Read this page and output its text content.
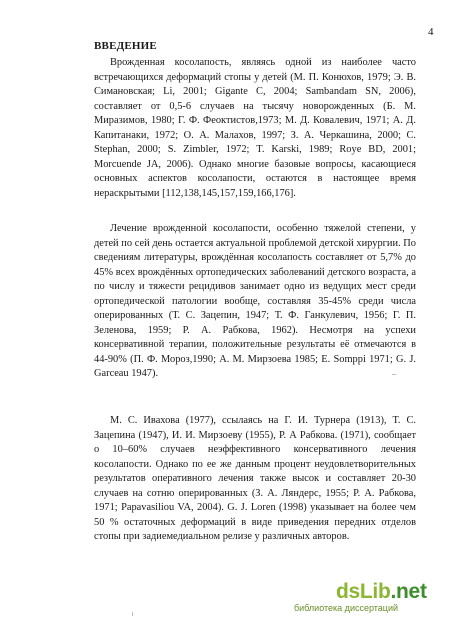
4
ВВЕДЕНИЕ

Врожденная косолапость, являясь одной из наиболее часто встречающихся деформаций стопы у детей (М. П. Конюхов, 1979; Э. В. Симановская; Li, 2001; Gigante C, 2004; Sambandam SN, 2006), составляет от 0,5-6 случаев на тысячу новорожденных (Б. М. Миразимов, 1980; Г. Ф. Феоктистов,1973; М. Д. Ковалевич, 1971; А. Д. Капитанаки, 1972; О. А. Малахов, 1997; З. А. Черкашина, 2000; C. Stephan, 2000; S. Zimbler, 1972; T. Karski, 1989; Roye BD, 2001; Morcuende JA, 2006). Однако многие базовые вопросы, касающиеся основных аспектов косолапости, остаются в настоящее время нераскрытыми [112,138,145,157,159,166,176].

Лечение врожденной косолапости, особенно тяжелой степени, у детей по сей день остается актуальной проблемой детской хирургии. По сведениям литературы, врождённая косолапость составляет от 5,7% до 45% всех врождённых ортопедических заболеваний детского возраста, а по числу и тяжести рецидивов занимает одно из ведущих мест среди ортопедической патологии вообще, составляя 35-45% среди числа оперированных (Т. С. Зацепин, 1947; Т. Ф. Ганкулевич, 1956; Г. П. Зеленова, 1959; Р. А. Рабкова, 1962). Несмотря на успехи консервативной терапии, положительные результаты её отмечаются в 44-90% (П. Ф. Мороз,1990; А. М. Мирзоева 1985; E. Somppi 1971; G. J. Garceau 1947).

М. С. Ивахова (1977), ссылаясь на Г. И. Турнера (1913), Т. С. Зацепина (1947), И. И. Мирзоеву (1955), Р. А Рабкова. (1971), сообщает о 10–60% случаев неэффективного консервативного лечения косолапости. Однако по ее же данным процент неудовлетворительных результатов оперативного лечения также высок и составляет 20-30 случаев на сотню оперированных (З. А. Ляндерс, 1955; Р. А. Рабкова, 1971; Papavasiliou VA, 2004). G. J. Loren (1998) указывает на более чем 50 % остаточных деформаций в виде приведения передних отделов стопы при задиемедиальном релизе у различных авторов.

dsLib.net
библиотека диссертаций
